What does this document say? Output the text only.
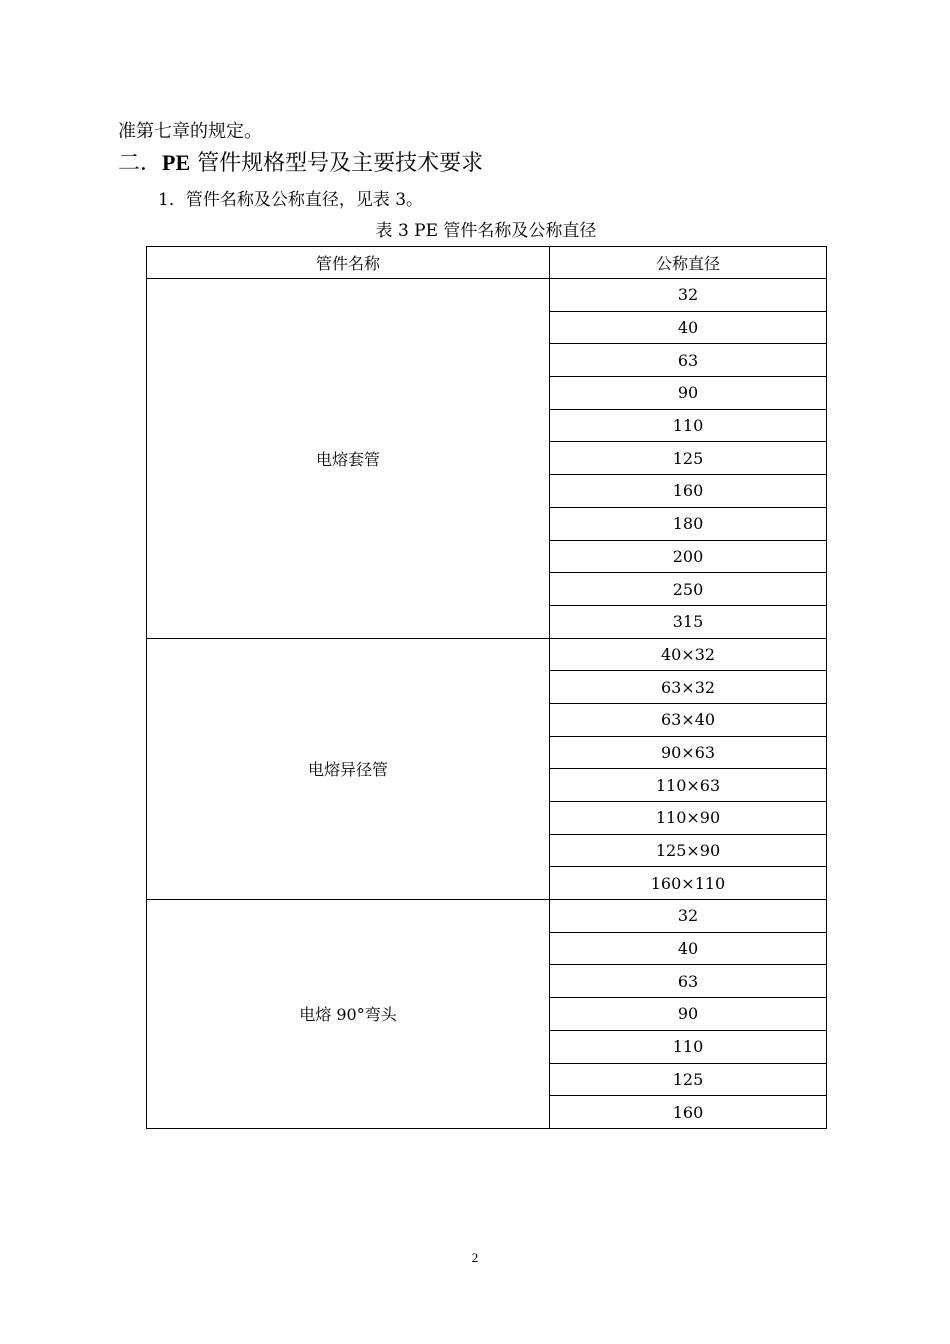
准第七章的规定。
二．PE 管件规格型号及主要技术要求
1．管件名称及公称直径，见表 3。
表 3 PE 管件名称及公称直径
管件名称	公称直径
电熔套管	32
	40
	63
	90
	110
	125
	160
	180
	200
	250
	315
电熔异径管	40×32
	63×32
	63×40
	90×63
	110×63
	110×90
	125×90
	160×110
电熔 90°弯头	32
	40
	63
	90
	110
	125
	160
2
